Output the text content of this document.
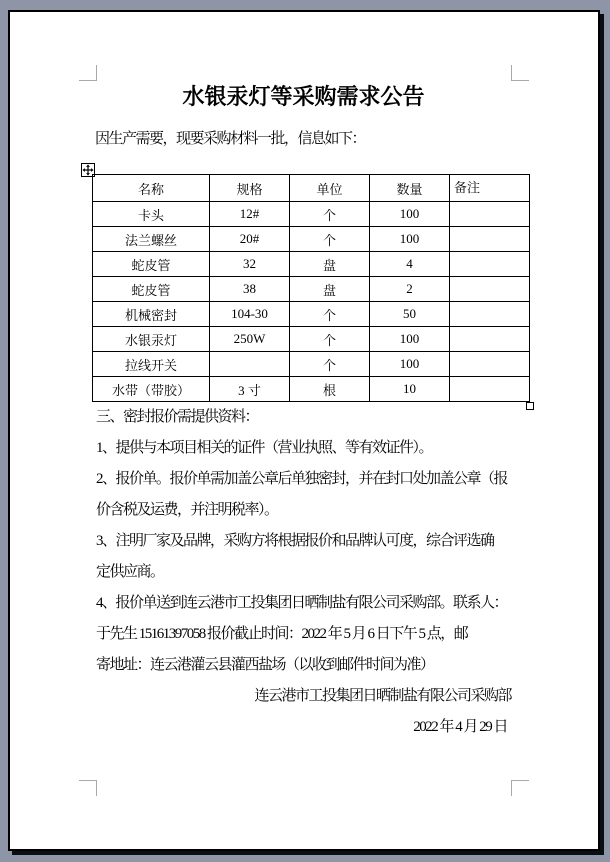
水银汞灯等采购需求公告
因生产需要，现要采购材料一批，信息如下：
名称	规格	单位	数量	备注
卡头	12#	个	100	
法兰螺丝	20#	个	100	
蛇皮管	32	盘	4	
蛇皮管	38	盘	2	
机械密封	104-30	个	50	
水银汞灯	250W	个	100	
拉线开关		个	100	
水带（带胶）	3 寸	根	10	
三、密封报价需提供资料：
1、提供与本项目相关的证件（营业执照、等有效证件）。
2、报价单。报价单需加盖公章后单独密封，并在封口处加盖公章（报
价含税及运费，并注明税率）。
3、注明厂家及品牌，采购方将根据报价和品牌认可度，综合评选确
定供应商。
4、报价单送到连云港市工投集团日晒制盐有限公司采购部。联系人：
于先生 15161397058 报价截止时间：2022 年 5 月 6 日下午 5 点，邮
寄地址：连云港灌云县灌西盐场（以收到邮件时间为准）
连云港市工投集团日晒制盐有限公司采购部
2022 年 4 月 29 日
